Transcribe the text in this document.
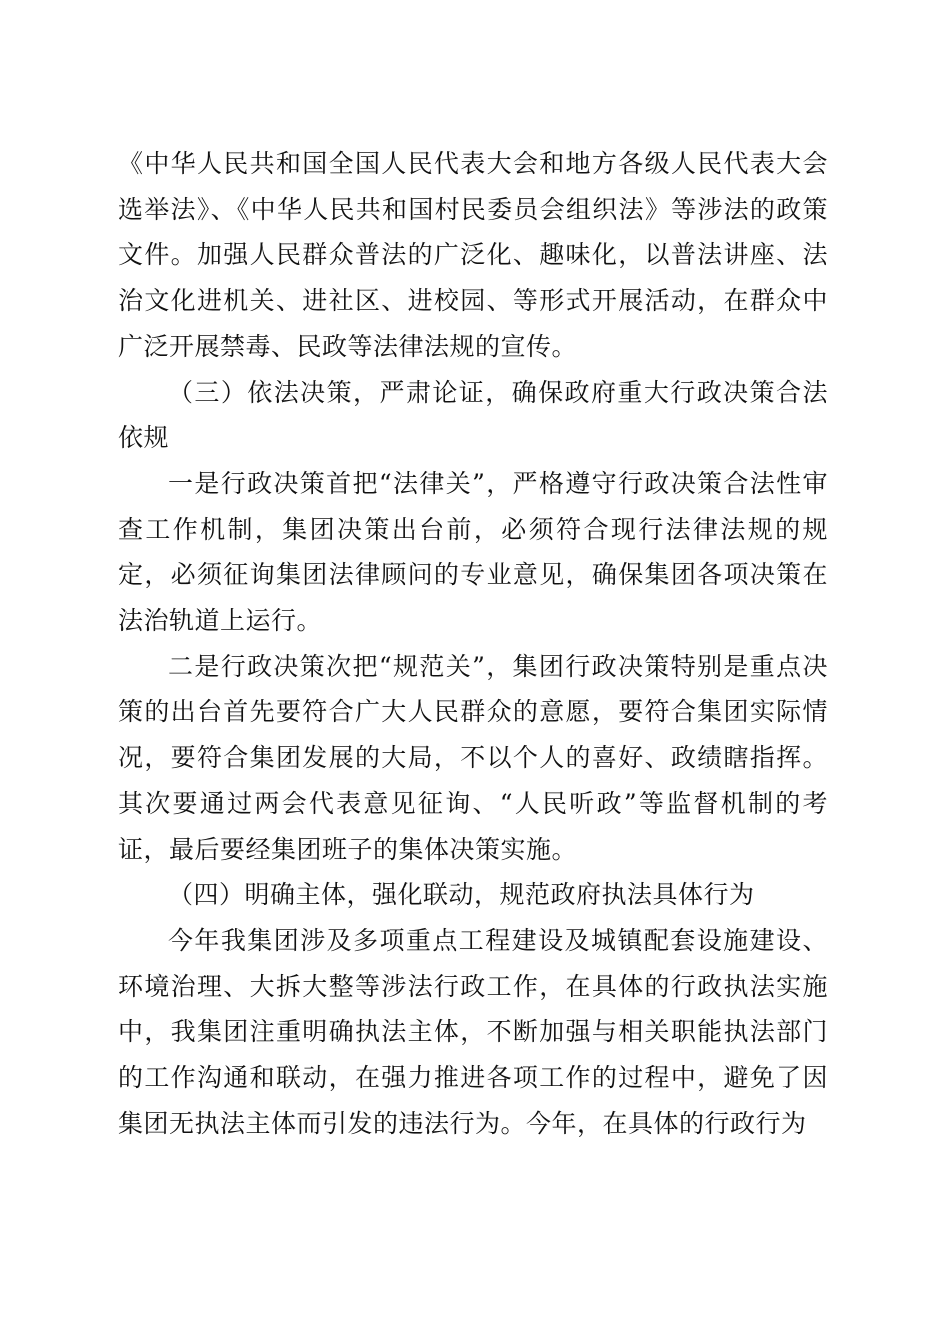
《中华人民共和国全国人民代表大会和地方各级人民代表大会选举法》、《中华人民共和国村民委员会组织法》等涉法的政策文件。加强人民群众普法的广泛化、趣味化，以普法讲座、法治文化进机关、进社区、进校园、等形式开展活动，在群众中广泛开展禁毒、民政等法律法规的宣传。

（三）依法决策，严肃论证，确保政府重大行政决策合法依规

一是行政决策首把“法律关”，严格遵守行政决策合法性审查工作机制，集团决策出台前，必须符合现行法律法规的规定，必须征询集团法律顾问的专业意见，确保集团各项决策在法治轨道上运行。

二是行政决策次把“规范关”，集团行政决策特别是重点决策的出台首先要符合广大人民群众的意愿，要符合集团实际情况，要符合集团发展的大局，不以个人的喜好、政绩瞎指挥。其次要通过两会代表意见征询、“人民听政”等监督机制的考证，最后要经集团班子的集体决策实施。

（四）明确主体，强化联动，规范政府执法具体行为

今年我集团涉及多项重点工程建设及城镇配套设施建设、环境治理、大拆大整等涉法行政工作，在具体的行政执法实施中，我集团注重明确执法主体，不断加强与相关职能执法部门的工作沟通和联动，在强力推进各项工作的过程中，避免了因集团无执法主体而引发的违法行为。今年，在具体的行政行为
